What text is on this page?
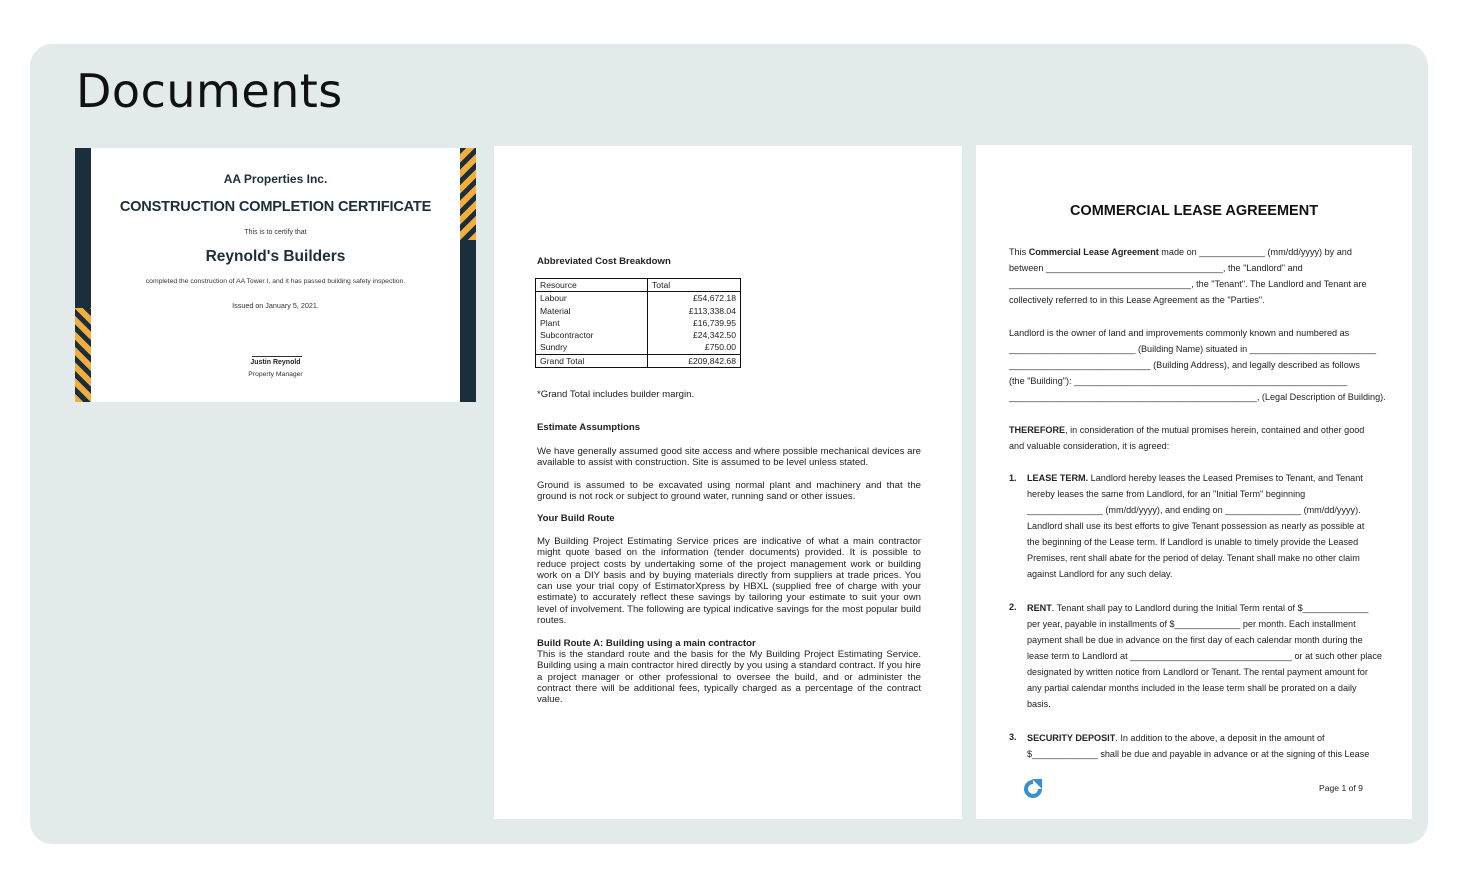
Documents
AA Properties Inc.
CONSTRUCTION COMPLETION CERTIFICATE
This is to certify that
Reynold's Builders
completed the construction of AA Tower I, and it has passed building safety inspection.
Issued on January 5, 2021.
Justin Reynold
Property Manager
Abbreviated Cost Breakdown
Resource	Total
Labour	£54,672.18
Material	£113,338.04
Plant	£16,739.95
Subcontractor	£24,342.50
Sundry	£750.00
Grand Total	£209,842.68
*Grand Total includes builder margin.
Estimate Assumptions
We have generally assumed good site access and where possible mechanical devices are available to assist with construction. Site is assumed to be level unless stated.
Ground is assumed to be excavated using normal plant and machinery and that the ground is not rock or subject to ground water, running sand or other issues.
Your Build Route
My Building Project Estimating Service prices are indicative of what a main contractor might quote based on the information (tender documents) provided. It is possible to reduce project costs by undertaking some of the project management work or building work on a DIY basis and by buying materials directly from suppliers at trade prices. You can use your trial copy of EstimatorXpress by HBXL (supplied free of charge with your estimate) to accurately reflect these savings by tailoring your estimate to suit your own level of involvement. The following are typical indicative savings for the most popular build routes.
Build Route A: Building using a main contractor
This is the standard route and the basis for the My Building Project Estimating Service. Building using a main contractor hired directly by you using a standard contract. If you hire a project manager or other professional to oversee the build, and or administer the contract there will be additional fees, typically charged as a percentage of the contract value.
COMMERCIAL LEASE AGREEMENT
This Commercial Lease Agreement made on _____________ (mm/dd/yyyy) by and
between ___________________________________, the "Landlord" and
____________________________________, the "Tenant". The Landlord and Tenant are
collectively referred to in this Lease Agreement as the "Parties".
Landlord is the owner of land and improvements commonly known and numbered as
_________________________ (Building Name) situated in _________________________
____________________________ (Building Address), and legally described as follows
(the "Building"): ______________________________________________________
_________________________________________________, (Legal Description of Building).
THEREFORE, in consideration of the mutual promises herein, contained and other good
and valuable consideration, it is agreed:
LEASE TERM. Landlord hereby leases the Leased Premises to Tenant, and Tenant
hereby leases the same from Landlord, for an "Initial Term" beginning
_______________ (mm/dd/yyyy), and ending on _______________ (mm/dd/yyyy).
Landlord shall use its best efforts to give Tenant possession as nearly as possible at
the beginning of the Lease term. If Landlord is unable to timely provide the Leased
Premises, rent shall abate for the period of delay. Tenant shall make no other claim
against Landlord for any such delay.
RENT. Tenant shall pay to Landlord during the Initial Term rental of $_____________
per year, payable in installments of $_____________ per month. Each installment
payment shall be due in advance on the first day of each calendar month during the
lease term to Landlord at ________________________________ or at such other place
designated by written notice from Landlord or Tenant. The rental payment amount for
any partial calendar months included in the lease term shall be prorated on a daily
basis.
SECURITY DEPOSIT. In addition to the above, a deposit in the amount of
$_____________ shall be due and payable in advance or at the signing of this Lease
1.
2.
3.
Page 1 of 9
